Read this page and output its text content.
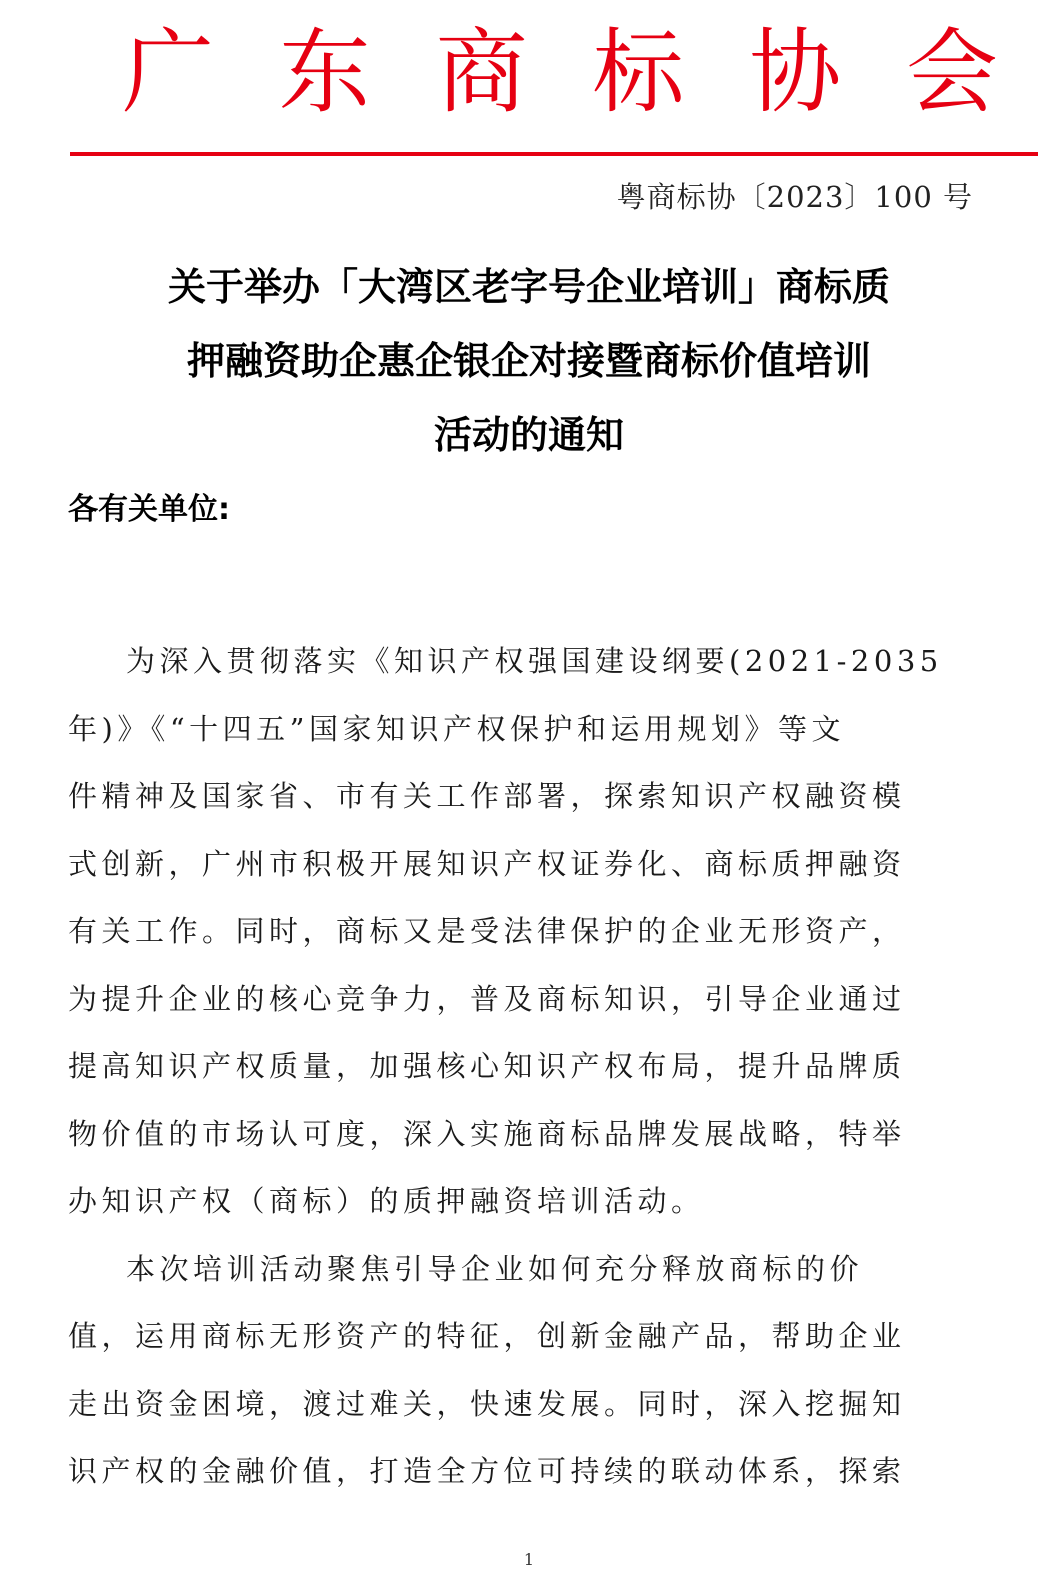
广 东 商 标 协 会
粤商标协〔2023〕100 号
关于举办「大湾区老字号企业培训」商标质
押融资助企惠企银企对接暨商标价值培训
活动的通知
各有关单位:
为深入贯彻落实《知识产权强国建设纲要(2021-2035
年)》《“十四五”国家知识产权保护和运用规划》等文
件精神及国家省、市有关工作部署，探索知识产权融资模
式创新，广州市积极开展知识产权证券化、商标质押融资
有关工作。同时，商标又是受法律保护的企业无形资产，
为提升企业的核心竞争力，普及商标知识，引导企业通过
提高知识产权质量，加强核心知识产权布局，提升品牌质
物价值的市场认可度，深入实施商标品牌发展战略，特举
办知识产权（商标）的质押融资培训活动。
本次培训活动聚焦引导企业如何充分释放商标的价
值，运用商标无形资产的特征，创新金融产品，帮助企业
走出资金困境，渡过难关，快速发展。同时，深入挖掘知
识产权的金融价值，打造全方位可持续的联动体系，探索
1
